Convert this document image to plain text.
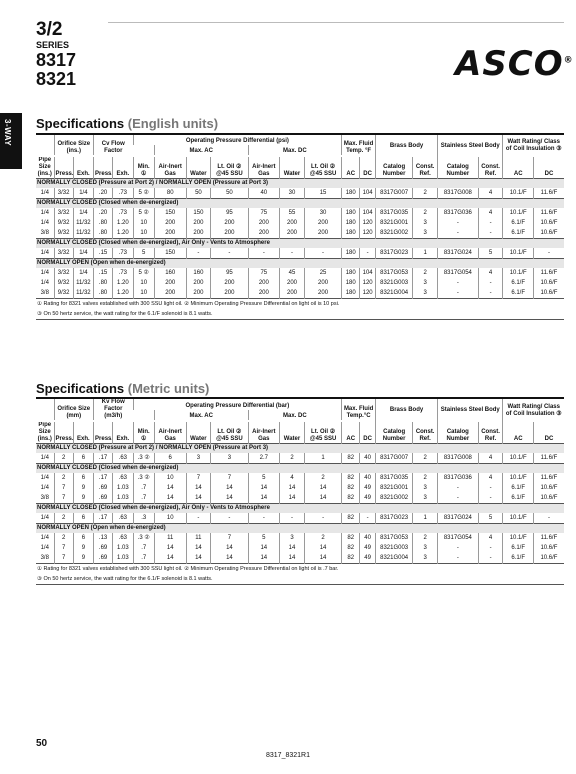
3/2
SERIES
8317
8321	ASCO®
3-WAY Specifications (English units)
	Orifice Size (ins.)		Cv Flow Factor		Operating Pressure Differential (psi)							Max. Fluid Temp. °F		Brass Body		Stainless Steel Body		Watt Rating/ Class of Coil Insulation ③	
						Max. AC			Max. DC										

Pipe Size (ins.)	Press.	Exh.	Press.	Exh.	Min. ①	Air-Inert Gas	Water	Lt. Oil ② @45 SSU	Air-Inert Gas	Water	Lt. Oil ② @45 SSU	AC	DC	Catalog Number	Const. Ref.	Catalog Number	Const. Ref.	AC	DC
NORMALLY CLOSED (Pressure at Port 2) / NORMALLY OPEN (Pressure at Port 3)																			
1/4	3/32	1/4	.20	.73	5 ②	80	50	50	40	30	15	180	104	8317G007	2	8317G008	4	10.1/F	11.6/F
NORMALLY CLOSED (Closed when de-energized)																			
1/4	3/32	1/4	.20	.73	5 ②	150	150	95	75	55	30	180	104	8317G035	2	8317G036	4	10.1/F	11.6/F
1/4	9/32	11/32	.80	1.20	10	200	200	200	200	200	200	180	120	8321G001	3	-	-	6.1/F	10.6/F
3/8	9/32	11/32	.80	1.20	10	200	200	200	200	200	200	180	120	8321G002	3	-	-	6.1/F	10.6/F
NORMALLY CLOSED (Closed when de-energized), Air Only - Vents to Atmosphere																			
1/4	3/32	1/4	.15	.73	5	150	-	-	-	-	-	180	-	8317G023	1	8317G024	5	10.1/F	-
NORMALLY OPEN (Open when de-energized)																			
1/4	3/32	1/4	.15	.73	5 ②	160	160	95	75	45	25	180	104	8317G053	2	8317G054	4	10.1/F	11.6/F
1/4	9/32	11/32	.80	1.20	10	200	200	200	200	200	200	180	120	8321G003	3	-	-	6.1/F	10.6/F
3/8	9/32	11/32	.80	1.20	10	200	200	200	200	200	200	180	120	8321G004	3	-	-	6.1/F	10.6/F
① Rating for 8321 valves established with 300 SSU light oil. ② Minimum Operating Pressure Differential on light oil is 10 psi.																			
③ On 50 hertz service, the watt rating for the 6.1/F solenoid is 8.1 watts.																			
Specifications (Metric units)
	Orifice Size (mm)		Kv Flow Factor (m3/h)		Operating Pressure Differential (bar)							Max. Fluid Temp.°C		Brass Body		Stainless Steel Body		Watt Rating/ Class of Coil Insulation ③	
						Max. AC			Max. DC										

Pipe Size (ins.)	Press.	Exh.	Press.	Exh.	Min. ①	Air-Inert Gas	Water	Lt. Oil ② @45 SSU	Air-Inert Gas	Water	Lt. Oil ② @45 SSU	AC	DC	Catalog Number	Const. Ref.	Catalog Number	Const. Ref.	AC	DC
NORMALLY CLOSED (Pressure at Port 2) / NORMALLY OPEN (Pressure at Port 3)																			
1/4	2	6	.17	.63	.3 ②	6	3	3	2.7	2	1	82	40	8317G007	2	8317G008	4	10.1/F	11.6/F
NORMALLY CLOSED (Closed when de-energized)																			
1/4	2	6	.17	.63	.3 ②	10	7	7	5	4	2	82	40	8317G035	2	8317G036	4	10.1/F	11.6/F
1/4	7	9	.69	1.03	.7	14	14	14	14	14	14	82	49	8321G001	3	-	-	6.1/F	10.6/F
3/8	7	9	.69	1.03	.7	14	14	14	14	14	14	82	49	8321G002	3	-	-	6.1/F	10.6/F
NORMALLY CLOSED (Closed when de-energized), Air Only - Vents to Atmosphere																			
1/4	2	6	.17	.63	.3	10	-	-	-	-	-	82	-	8317G023	1	8317G024	5	10.1/F	-
NORMALLY OPEN (Open when de-energized)																			
1/4	2	6	.13	.63	.3 ②	11	11	7	5	3	2	82	40	8317G053	2	8317G054	4	10.1/F	11.6/F
1/4	7	9	.69	1.03	.7	14	14	14	14	14	14	82	49	8321G003	3	-	-	6.1/F	10.6/F
3/8	7	9	.69	1.03	.7	14	14	14	14	14	14	82	49	8321G004	3	-	-	6.1/F	10.6/F
① Rating for 8321 valves established with 300 SSU light oil. ② Minimum Operating Pressure Differential on light oil is .7 bar.																			
③ On 50 hertz service, the watt rating for the 6.1/F solenoid is 8.1 watts.																			
50
8317_8321R1
